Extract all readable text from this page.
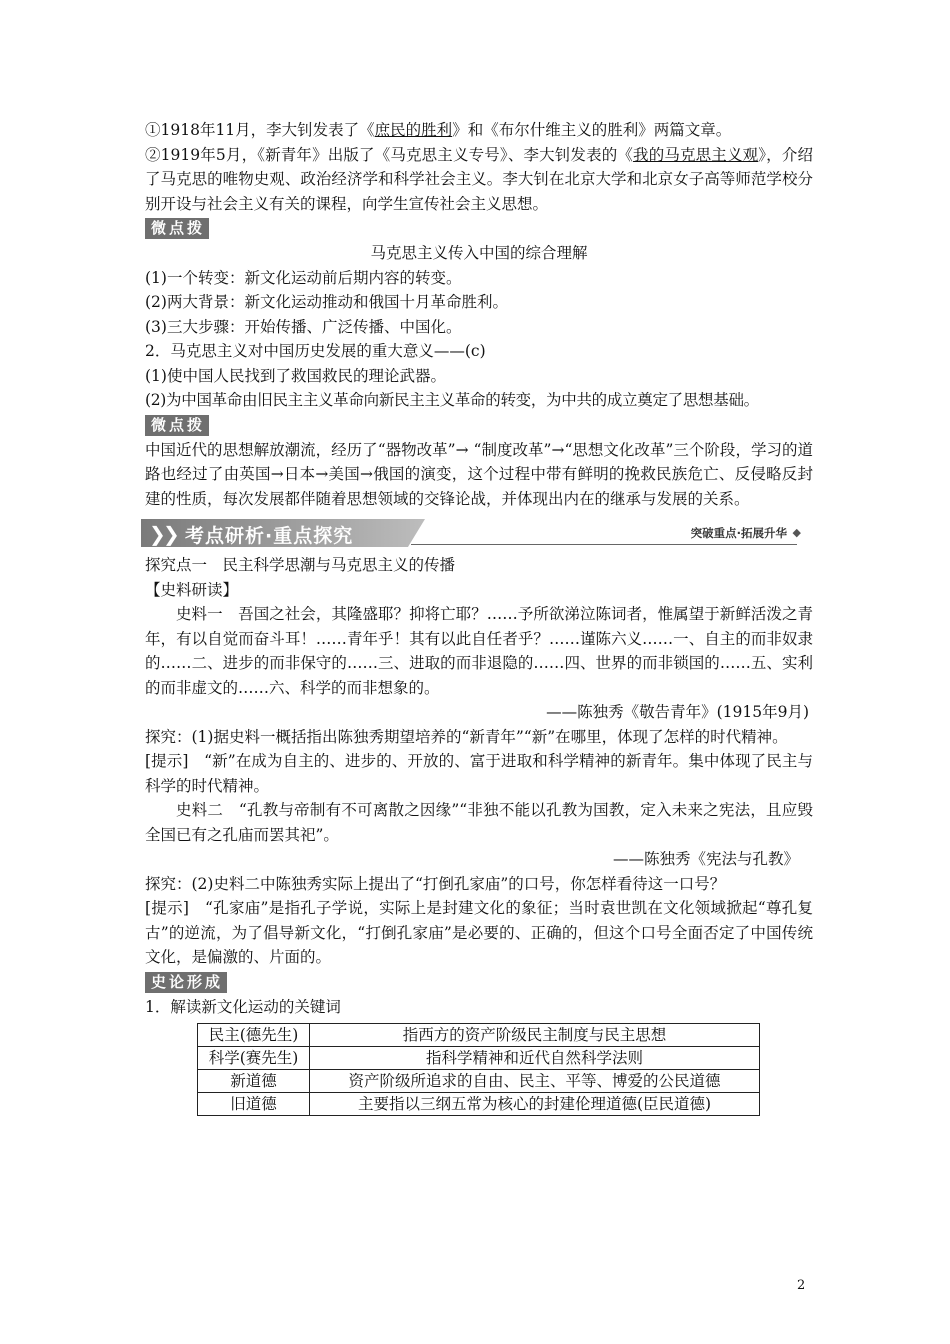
①1918年11月，李大钊发表了《庶民的胜利》和《布尔什维主义的胜利》两篇文章。

②1919年5月，《新青年》出版了《马克思主义专号》、李大钊发表的《我的马克思主义观》，介绍了马克思的唯物史观、政治经济学和科学社会主义。李大钊在北京大学和北京女子高等师范学校分别开设与社会主义有关的课程，向学生宣传社会主义思想。

微点拨

马克思主义传入中国的综合理解

(1)一个转变：新文化运动前后期内容的转变。

(2)两大背景：新文化运动推动和俄国十月革命胜利。

(3)三大步骤：开始传播、广泛传播、中国化。

2．马克思主义对中国历史发展的重大意义——(c)

(1)使中国人民找到了救国救民的理论武器。

(2)为中国革命由旧民主主义革命向新民主主义革命的转变，为中共的成立奠定了思想基础。

微点拨

中国近代的思想解放潮流，经历了“器物改革”→ “制度改革”→“思想文化改革”三个阶段，学习的道路也经过了由英国→日本→美国→俄国的演变，这个过程中带有鲜明的挽救民族危亡、反侵略反封建的性质，每次发展都伴随着思想领域的交锋论战，并体现出内在的继承与发展的关系。

❯
❯ 考点研析·重点探究	突破重点·拓展升华 ◆

探究点一　民主科学思潮与马克思主义的传播

【史料研读】

史料一　吾国之社会，其隆盛耶？抑将亡耶？……予所欲涕泣陈词者，惟属望于新鲜活泼之青年，有以自觉而奋斗耳！……青年乎！其有以此自任者乎？……谨陈六义……一、自主的而非奴隶的……二、进步的而非保守的……三、进取的而非退隐的……四、世界的而非锁国的……五、实利的而非虚文的……六、科学的而非想象的。

——陈独秀《敬告青年》(1915年9月)

探究：(1)据史料一概括指出陈独秀期望培养的“新青年”“新”在哪里，体现了怎样的时代精神。

[提示]　“新”在成为自主的、进步的、开放的、富于进取和科学精神的新青年。集中体现了民主与科学的时代精神。

史料二　“孔教与帝制有不可离散之因缘”“非独不能以孔教为国教，定入未来之宪法，且应毁全国已有之孔庙而罢其祀”。

——陈独秀《宪法与孔教》

探究：(2)史料二中陈独秀实际上提出了“打倒孔家庙”的口号，你怎样看待这一口号？

[提示]　“孔家庙”是指孔子学说，实际上是封建文化的象征；当时袁世凯在文化领域掀起“尊孔复古”的逆流，为了倡导新文化，“打倒孔家庙”是必要的、正确的，但这个口号全面否定了中国传统文化，是偏激的、片面的。

史论形成

1．解读新文化运动的关键词

民主(德先生)	指西方的资产阶级民主制度与民主思想
科学(赛先生)	指科学精神和近代自然科学法则
新道德	资产阶级所追求的自由、民主、平等、博爱的公民道德
旧道德	主要指以三纲五常为核心的封建伦理道德(臣民道德)
2
